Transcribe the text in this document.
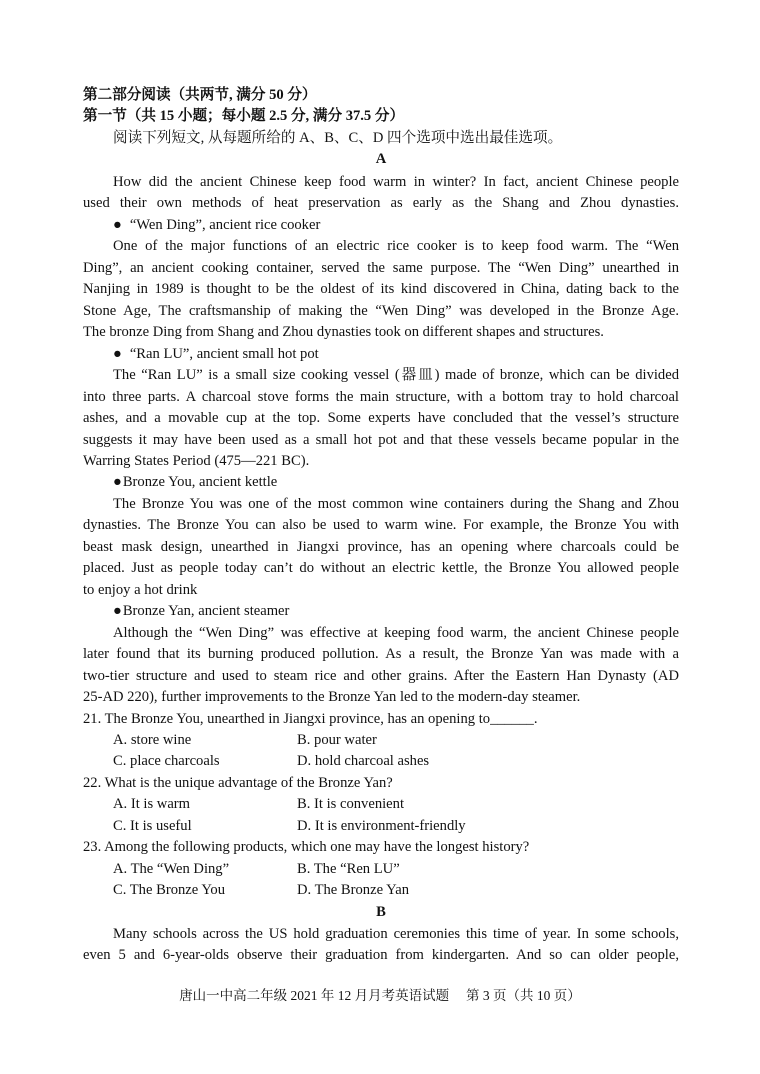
第二部分阅读（共两节, 满分 50 分）
第一节（共 15 小题；每小题 2.5 分, 满分 37.5 分）
阅读下列短文, 从每题所给的 A、B、C、D 四个选项中选出最佳选项。
A
How did the ancient Chinese keep food warm in winter? In fact, ancient Chinese people
used their own methods of heat preservation as early as the Shang and Zhou dynasties.
● “Wen Ding”, ancient rice cooker
One of the major functions of an electric rice cooker is to keep food warm. The “Wen
Ding”, an ancient cooking container, served the same purpose. The “Wen Ding” unearthed in
Nanjing in 1989 is thought to be the oldest of its kind discovered in China, dating back to the
Stone Age, The craftsmanship of making the “Wen Ding” was developed in the Bronze Age.
The bronze Ding from Shang and Zhou dynasties took on different shapes and structures.
● “Ran LU”, ancient small hot pot
The “Ran LU” is a small size cooking vessel (器皿) made of bronze, which can be divided
into three parts. A charcoal stove forms the main structure, with a bottom tray to hold charcoal
ashes, and a movable cup at the top. Some experts have concluded that the vessel’s structure
suggests it may have been used as a small hot pot and that these vessels became popular in the
Warring States Period (475—221 BC).
● Bronze You, ancient kettle
The Bronze You was one of the most common wine containers during the Shang and Zhou
dynasties. The Bronze You can also be used to warm wine. For example, the Bronze You with
beast mask design, unearthed in Jiangxi province, has an opening where charcoals could be
placed. Just as people today can’t do without an electric kettle, the Bronze You allowed people
to enjoy a hot drink
● Bronze Yan, ancient steamer
Although the “Wen Ding” was effective at keeping food warm, the ancient Chinese people
later found that its burning produced pollution. As a result, the Bronze Yan was made with a
two-tier structure and used to steam rice and other grains. After the Eastern Han Dynasty (AD
25-AD 220), further improvements to the Bronze Yan led to the modern-day steamer.
21. The Bronze You, unearthed in Jiangxi province, has an opening to______.
A. store wine	B. pour water
C. place charcoals	D. hold charcoal ashes
22. What is the unique advantage of the Bronze Yan?
A. It is warm	B. It is convenient
C. It is useful	D. It is environment-friendly
23. Among the following products, which one may have the longest history?
A. The “Wen Ding”	B. The “Ren LU”
C. The Bronze You	D. The Bronze Yan
B
Many schools across the US hold graduation ceremonies this time of year. In some schools,
even 5 and 6-year-olds observe their graduation from kindergarten. And so can older people,
唐山一中高二年级 2021 年 12 月月考英语试题　 第 3 页（共 10 页）
